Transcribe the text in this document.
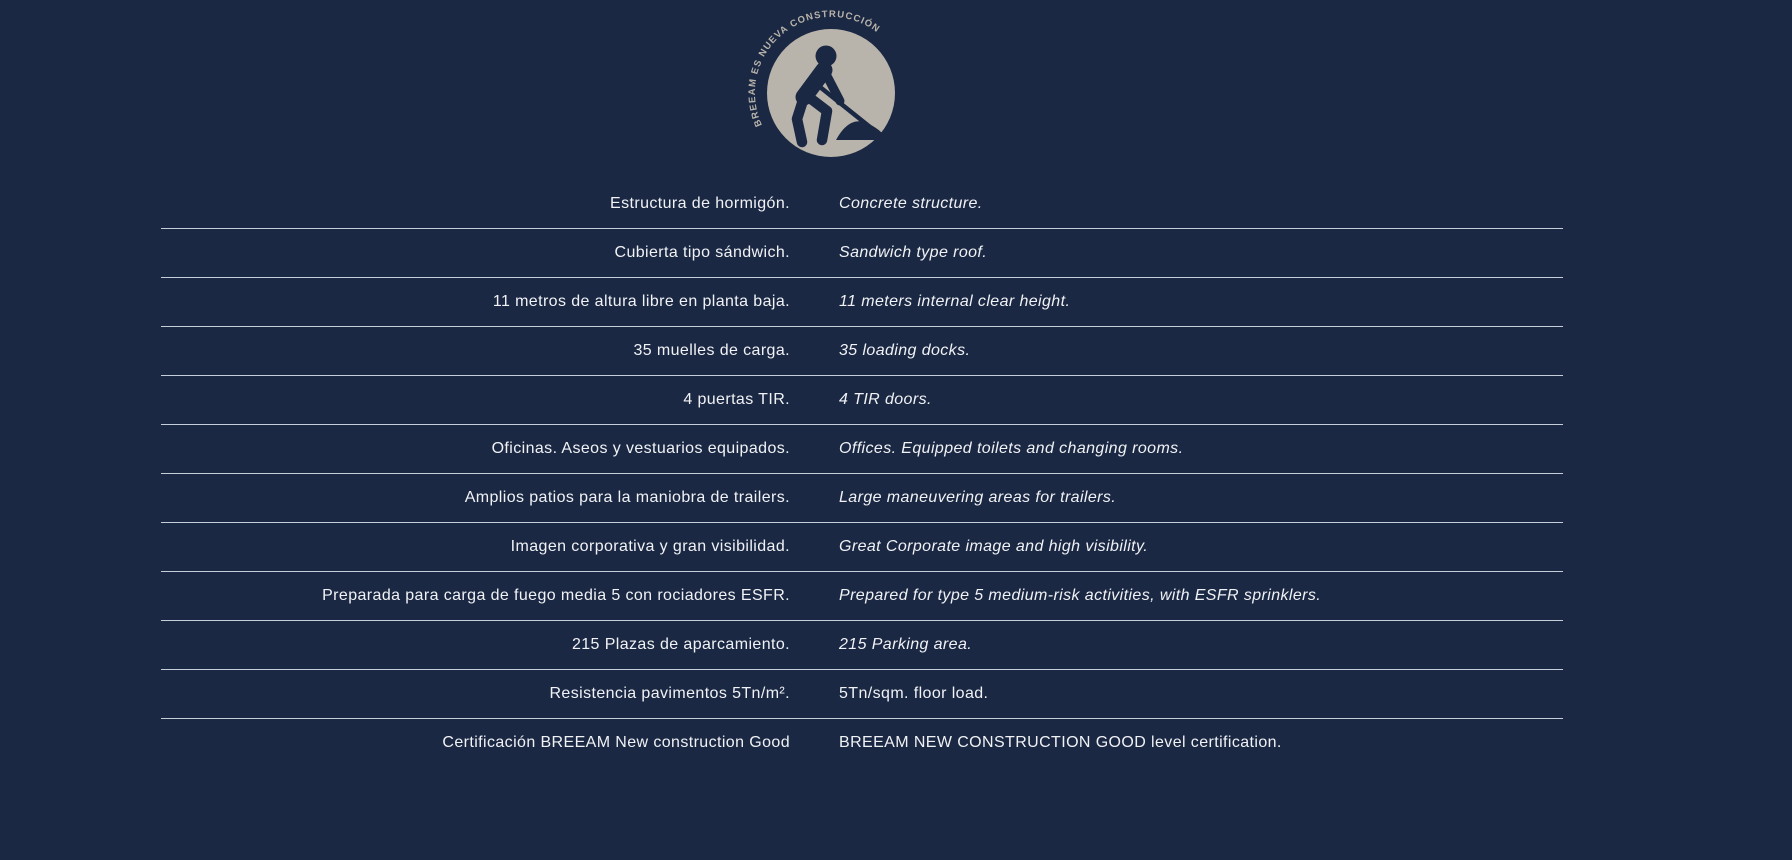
BREEAM ES NUEVA CONSTRUCCIÓN
Estructura de hormigón.	Concrete structure.
Cubierta tipo sándwich.	Sandwich type roof.
11 metros de altura libre en planta baja.	11 meters internal clear height.
35 muelles de carga.	35 loading docks.
4 puertas TIR.	4 TIR doors.
Oficinas. Aseos y vestuarios equipados.	Offices. Equipped toilets and changing rooms.
Amplios patios para la maniobra de trailers.	Large maneuvering areas for trailers.
Imagen corporativa y gran visibilidad.	Great Corporate image and high visibility.
Preparada para carga de fuego media 5 con rociadores ESFR.	Prepared for type 5 medium-risk activities, with ESFR sprinklers.
215 Plazas de aparcamiento.	215 Parking area.
Resistencia pavimentos 5Tn/m².	5Tn/sqm. floor load.
Certificación BREEAM New construction Good	BREEAM NEW CONSTRUCTION GOOD level certification.
